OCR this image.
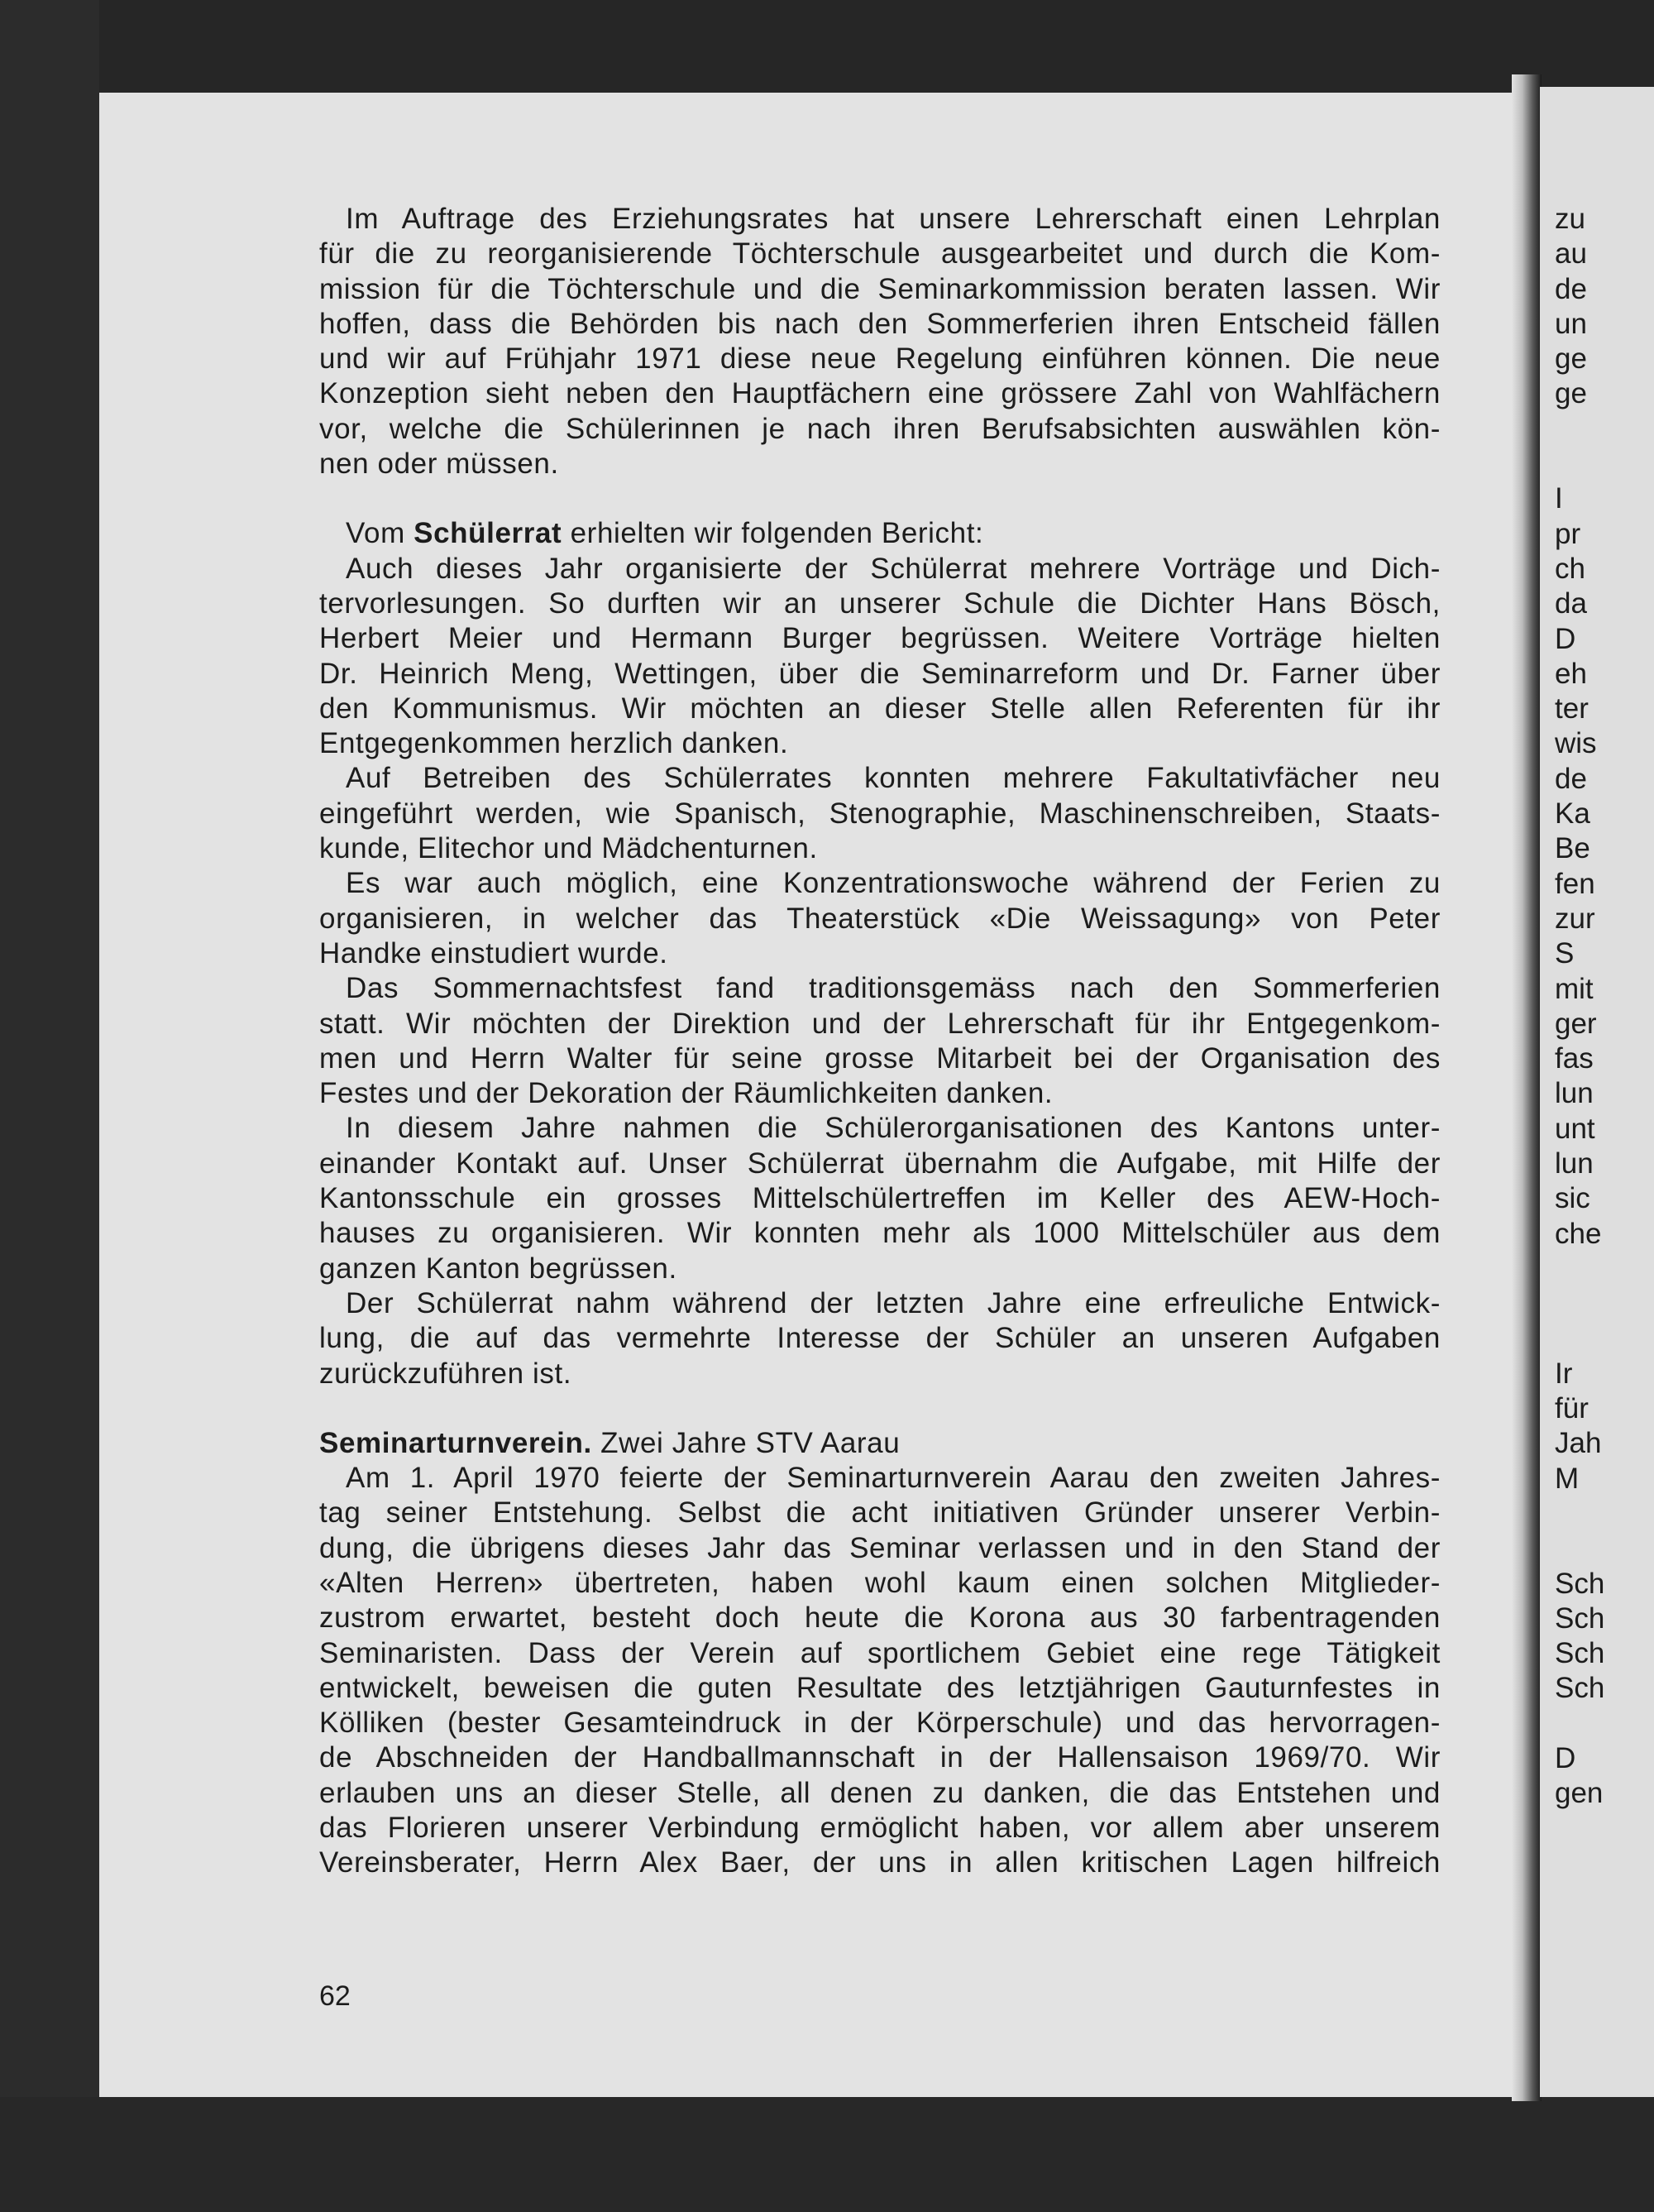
zu
au
de
un
ge
ge
I
pr
ch
da
D
eh
ter
wis
de
Ka
Be
fen
zur
S
mit
ger
fas
lun
unt
lun
sic
che
Ir
für
Jah
M
Sch
Sch
Sch
Sch
D
gen
Im Auftrage des Erziehungsrates hat unsere Lehrerschaft einen Lehrplan
für die zu reorganisierende Töchterschule ausgearbeitet und durch die Kom-
mission für die Töchterschule und die Seminarkommission beraten lassen. Wir
hoffen, dass die Behörden bis nach den Sommerferien ihren Entscheid fällen
und wir auf Frühjahr 1971 diese neue Regelung einführen können. Die neue
Konzeption sieht neben den Hauptfächern eine grössere Zahl von Wahlfächern
vor, welche die Schülerinnen je nach ihren Berufsabsichten auswählen kön-
nen oder müssen.
Vom Schülerrat erhielten wir folgenden Bericht:
Auch dieses Jahr organisierte der Schülerrat mehrere Vorträge und Dich-
tervorlesungen. So durften wir an unserer Schule die Dichter Hans Bösch,
Herbert Meier und Hermann Burger begrüssen. Weitere Vorträge hielten
Dr. Heinrich Meng, Wettingen, über die Seminarreform und Dr. Farner über
den Kommunismus. Wir möchten an dieser Stelle allen Referenten für ihr
Entgegenkommen herzlich danken.
Auf Betreiben des Schülerrates konnten mehrere Fakultativfächer neu
eingeführt werden, wie Spanisch, Stenographie, Maschinenschreiben, Staats-
kunde, Elitechor und Mädchenturnen.
Es war auch möglich, eine Konzentrationswoche während der Ferien zu
organisieren, in welcher das Theaterstück «Die Weissagung» von Peter
Handke einstudiert wurde.
Das Sommernachtsfest fand traditionsgemäss nach den Sommerferien
statt. Wir möchten der Direktion und der Lehrerschaft für ihr Entgegenkom-
men und Herrn Walter für seine grosse Mitarbeit bei der Organisation des
Festes und der Dekoration der Räumlichkeiten danken.
In diesem Jahre nahmen die Schülerorganisationen des Kantons unter-
einander Kontakt auf. Unser Schülerrat übernahm die Aufgabe, mit Hilfe der
Kantonsschule ein grosses Mittelschülertreffen im Keller des AEW-Hoch-
hauses zu organisieren. Wir konnten mehr als 1000 Mittelschüler aus dem
ganzen Kanton begrüssen.
Der Schülerrat nahm während der letzten Jahre eine erfreuliche Entwick-
lung, die auf das vermehrte Interesse der Schüler an unseren Aufgaben
zurückzuführen ist.
Seminarturnverein. Zwei Jahre STV Aarau
Am 1. April 1970 feierte der Seminarturnverein Aarau den zweiten Jahres-
tag seiner Entstehung. Selbst die acht initiativen Gründer unserer Verbin-
dung, die übrigens dieses Jahr das Seminar verlassen und in den Stand der
«Alten Herren» übertreten, haben wohl kaum einen solchen Mitglieder-
zustrom erwartet, besteht doch heute die Korona aus 30 farbentragenden
Seminaristen. Dass der Verein auf sportlichem Gebiet eine rege Tätigkeit
entwickelt, beweisen die guten Resultate des letztjährigen Gauturnfestes in
Kölliken (bester Gesamteindruck in der Körperschule) und das hervorragen-
de Abschneiden der Handballmannschaft in der Hallensaison 1969/70. Wir
erlauben uns an dieser Stelle, all denen zu danken, die das Entstehen und
das Florieren unserer Verbindung ermöglicht haben, vor allem aber unserem
Vereinsberater, Herrn Alex Baer, der uns in allen kritischen Lagen hilfreich
62
